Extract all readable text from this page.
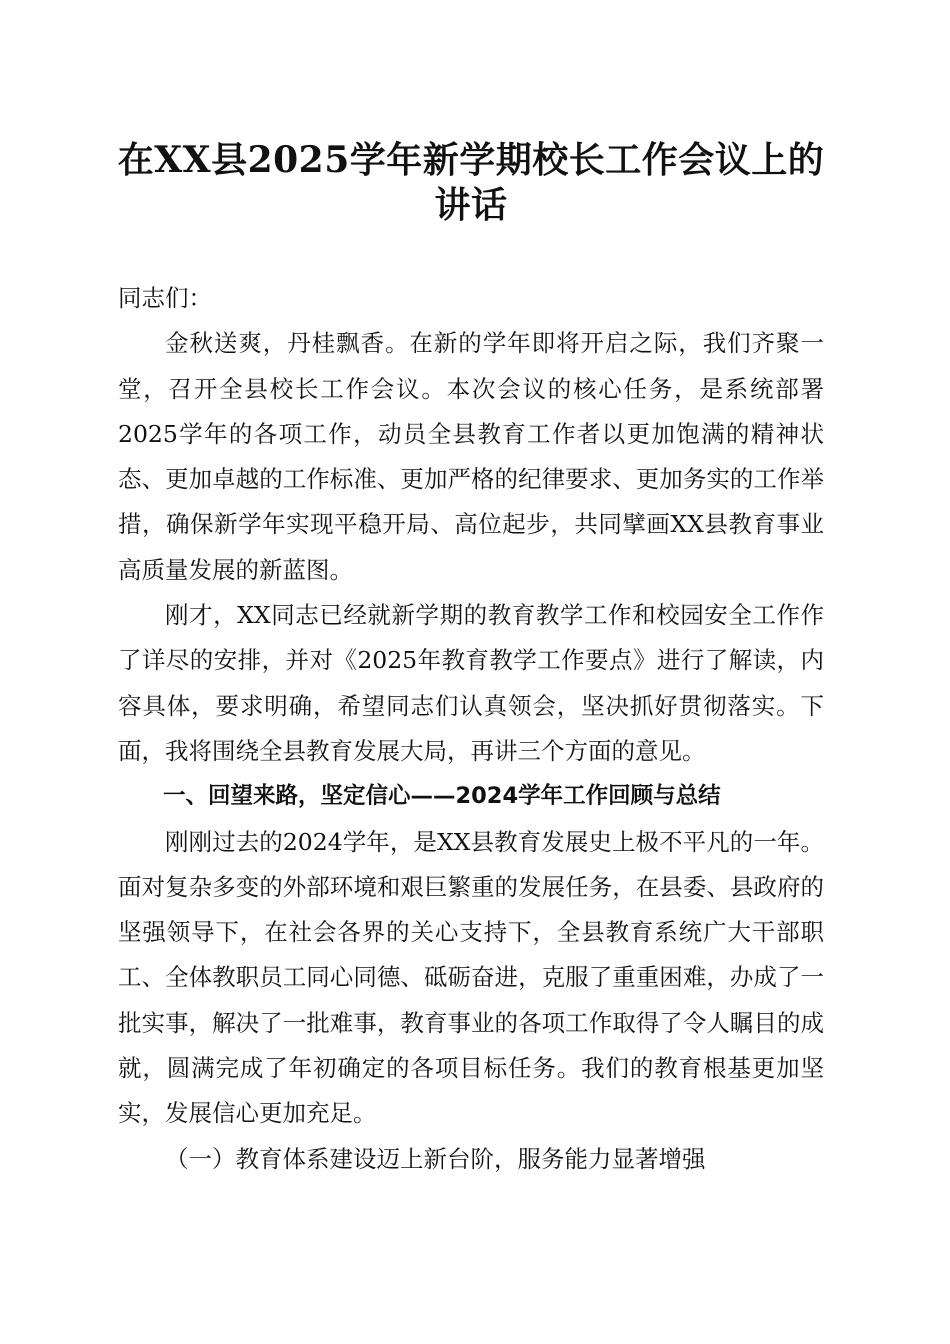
在XX县2025学年新学期校长工作会议上的
讲话

同志们：

金秋送爽，丹桂飘香。在新的学年即将开启之际，我们齐聚一堂，召开全县校长工作会议。本次会议的核心任务，是系统部署2025学年的各项工作，动员全县教育工作者以更加饱满的精神状态、更加卓越的工作标准、更加严格的纪律要求、更加务实的工作举措，确保新学年实现平稳开局、高位起步，共同擘画XX县教育事业高质量发展的新蓝图。

刚才，XX同志已经就新学期的教育教学工作和校园安全工作作了详尽的安排，并对《2025年教育教学工作要点》进行了解读，内容具体，要求明确，希望同志们认真领会，坚决抓好贯彻落实。下面，我将围绕全县教育发展大局，再讲三个方面的意见。

一、回望来路，坚定信心——2024学年工作回顾与总结

刚刚过去的2024学年，是XX县教育发展史上极不平凡的一年。面对复杂多变的外部环境和艰巨繁重的发展任务，在县委、县政府的坚强领导下，在社会各界的关心支持下，全县教育系统广大干部职工、全体教职员工同心同德、砥砺奋进，克服了重重困难，办成了一批实事，解决了一批难事，教育事业的各项工作取得了令人瞩目的成就，圆满完成了年初确定的各项目标任务。我们的教育根基更加坚实，发展信心更加充足。

（一）教育体系建设迈上新台阶，服务能力显著增强
